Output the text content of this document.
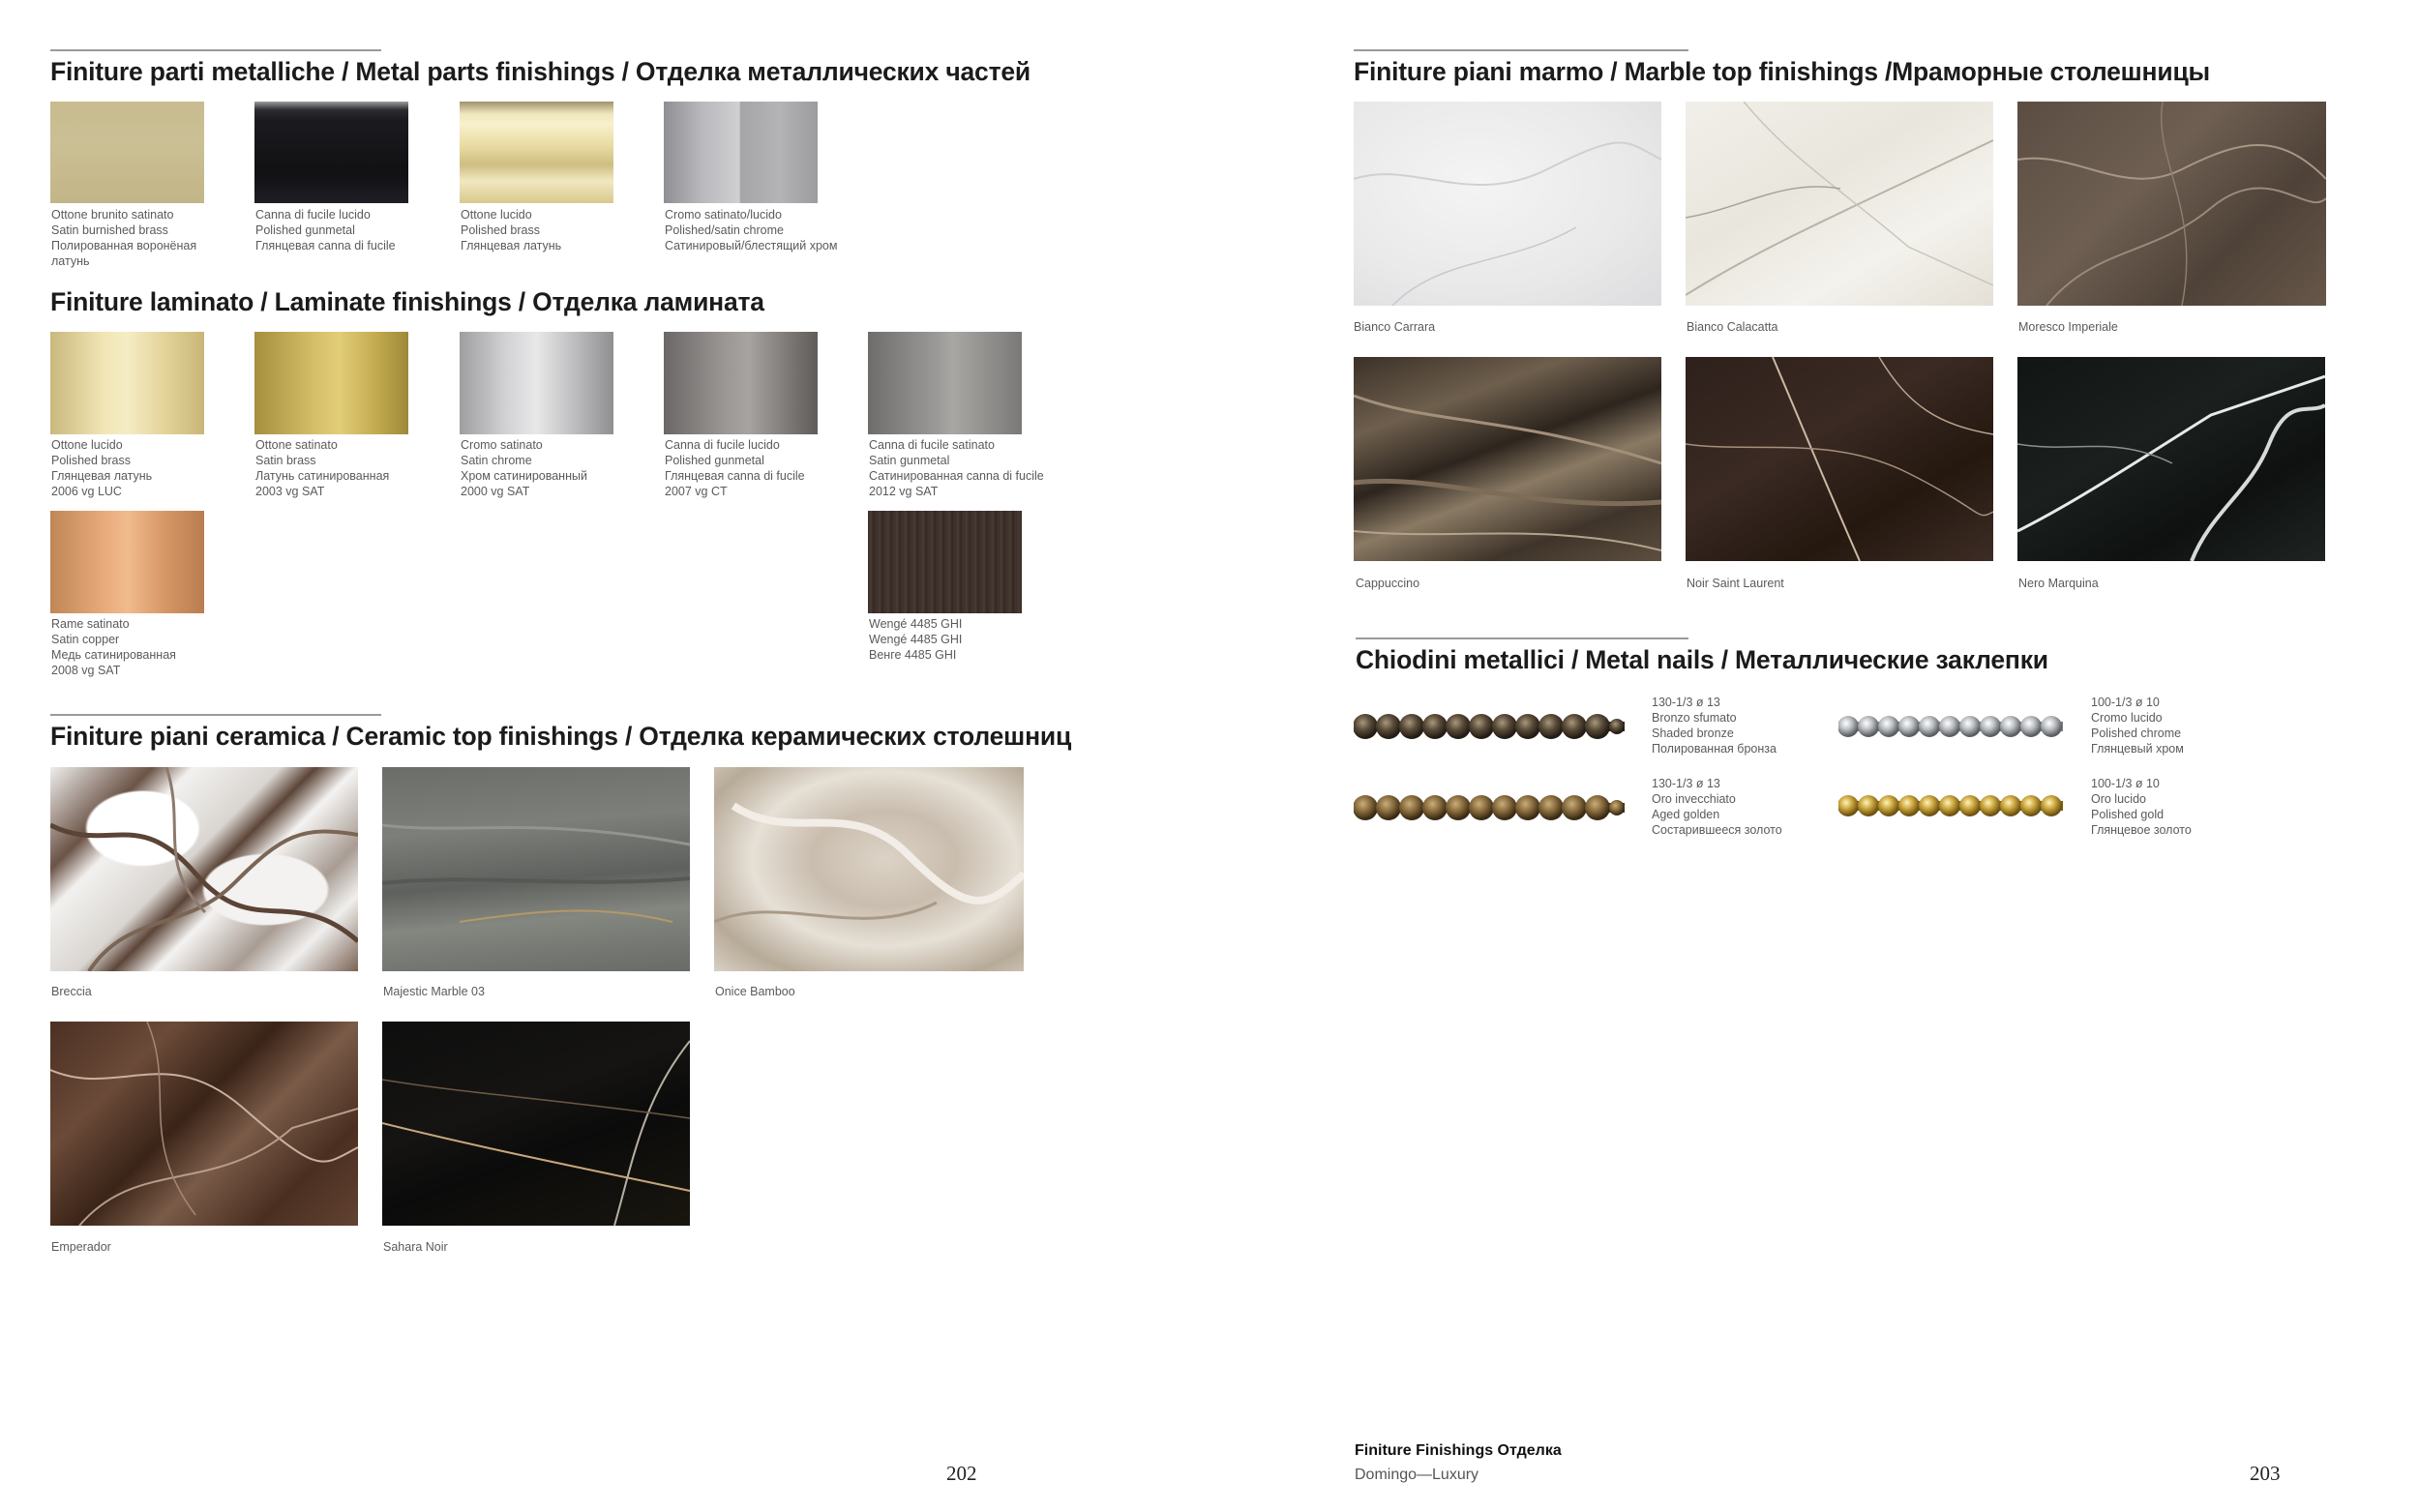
Finiture parti metalliche / Metal parts finishings / Отделка металлических частей
Ottone brunito satinato
Satin burnished brass
Полированная воронёная
латунь
Canna di fucile lucido
Polished gunmetal
Глянцевая canna di fucile
Ottone lucido
Polished brass
Глянцевая латунь
Cromo satinato/lucido
Polished/satin chrome
Сатинировый/блестящий хром
Finiture laminato / Laminate finishings / Отделка ламината
Ottone lucido
Polished brass
Глянцевая латунь
2006 vg LUC
Ottone satinato
Satin brass
Латунь сатинированная
2003 vg SAT
Cromo satinato
Satin chrome
Хром сатинированный
2000 vg SAT
Canna di fucile lucido
Polished gunmetal
Глянцевая canna di fucile
2007 vg CT
Canna di fucile satinato
Satin gunmetal
Сатинированная canna di fucile
2012 vg SAT
Rame satinato
Satin copper
Медь сатинированная
2008 vg SAT
Wengé 4485 GHI
Wengé 4485 GHI
Венге 4485 GHI
Finiture piani ceramica / Ceramic top finishings / Отделка керамических столешниц
Breccia	Majestic Marble 03	Onice Bamboo
Emperador	Sahara Noir
202
Finiture piani marmo / Marble top finishings /Мраморные столешницы
Bianco Carrara	Bianco Calacatta	Moresco Imperiale
Cappuccino	Noir Saint Laurent	Nero Marquina
Chiodini metallici / Metal nails / Металлические заклепки
130-1/3 ø 13
Bronzo sfumato
Shaded bronze
Полированная бронза
100-1/3 ø 10
Cromo lucido
Polished chrome
Глянцевый хром
130-1/3 ø 13
Oro invecchiato
Aged golden
Состарившееся золото
100-1/3 ø 10
Oro lucido
Polished gold
Глянцевое золото
Finiture Finishings Отделка
Domingo—Luxury	203
